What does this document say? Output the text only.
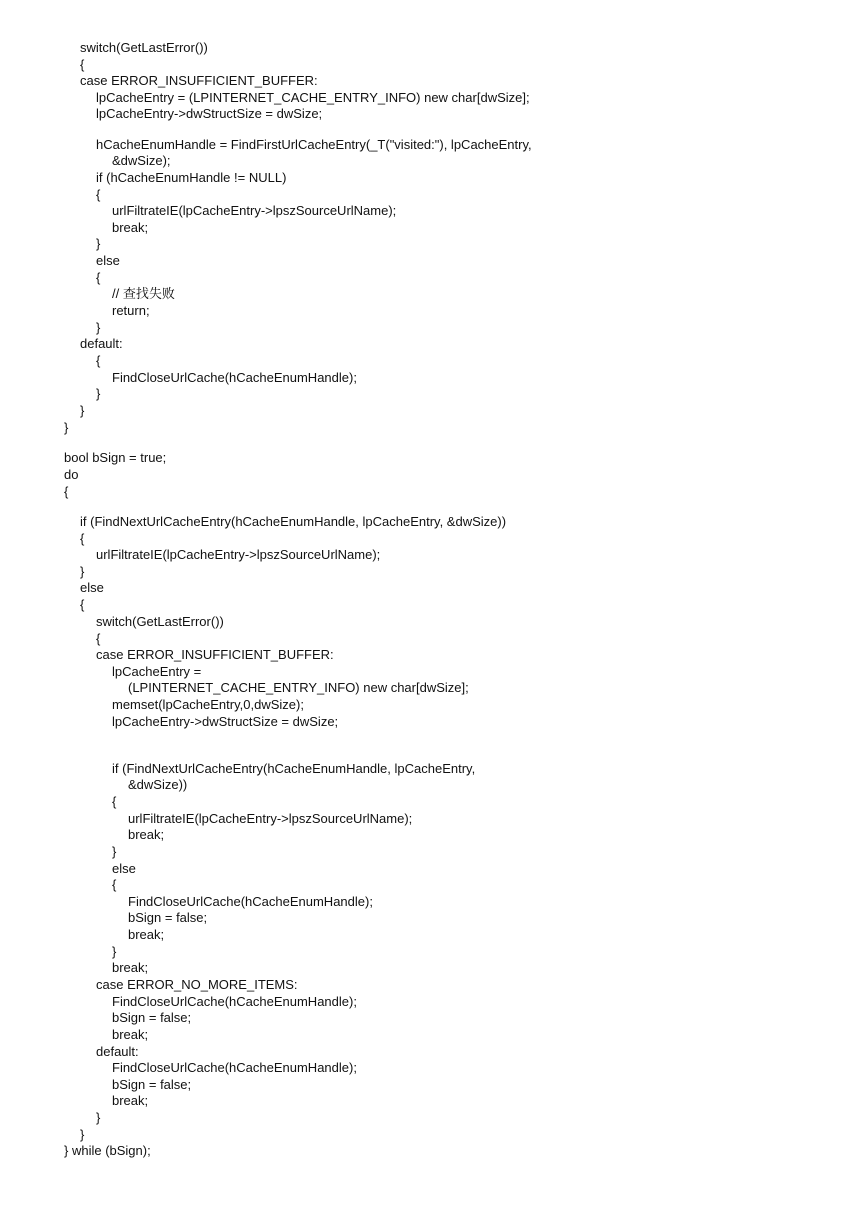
switch(GetLastError())
{
case ERROR_INSUFFICIENT_BUFFER:
lpCacheEntry = (LPINTERNET_CACHE_ENTRY_INFO) new char[dwSize];
lpCacheEntry->dwStructSize = dwSize;
hCacheEnumHandle = FindFirstUrlCacheEntry(_T("visited:"), lpCacheEntry,
&dwSize);
if (hCacheEnumHandle != NULL)
{
urlFiltrateIE(lpCacheEntry->lpszSourceUrlName);
break;
}
else
{
// 查找失败
return;
}
default:
{
FindCloseUrlCache(hCacheEnumHandle);
}
}
}
bool bSign = true;
do
{
if (FindNextUrlCacheEntry(hCacheEnumHandle, lpCacheEntry, &dwSize))
{
urlFiltrateIE(lpCacheEntry->lpszSourceUrlName);
}
else
{
switch(GetLastError())
{
case ERROR_INSUFFICIENT_BUFFER:
lpCacheEntry =
(LPINTERNET_CACHE_ENTRY_INFO) new char[dwSize];
memset(lpCacheEntry,0,dwSize);
lpCacheEntry->dwStructSize = dwSize;
if (FindNextUrlCacheEntry(hCacheEnumHandle, lpCacheEntry,
&dwSize))
{
urlFiltrateIE(lpCacheEntry->lpszSourceUrlName);
break;
}
else
{
FindCloseUrlCache(hCacheEnumHandle);
bSign = false;
break;
}
break;
case ERROR_NO_MORE_ITEMS:
FindCloseUrlCache(hCacheEnumHandle);
bSign = false;
break;
default:
FindCloseUrlCache(hCacheEnumHandle);
bSign = false;
break;
}
}
} while (bSign);
